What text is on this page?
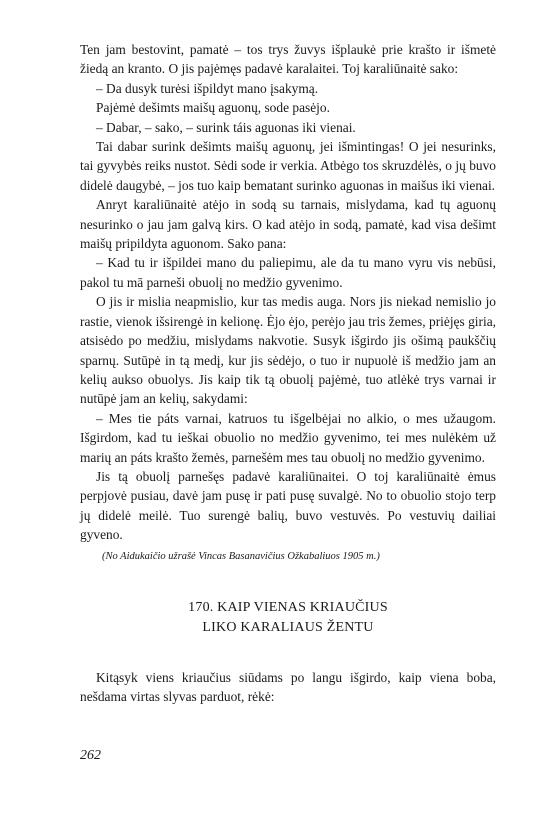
Ten jam bestovint, pamatė – tos trys žuvys išplaukė prie krašto ir išmetė žiedą an kranto. O jis pajėmęs padavė karalaitei. Toj karaliūnaitė sako:

– Da dusyk turėsi išpildyt mano įsakymą.

Pajėmė dešimts maišų aguonų, sode pasėjo.

– Dabar, – sako, – surink táis aguonas iki vienai.

Tai dabar surink dešimts maišų aguonų, jei išmintingas! O jei nesurinks, tai gyvybės reiks nustot. Sėdi sode ir verkia. Atbėgo tos skruzdėlės, o jų buvo didelė daugybė, – jos tuo kaip bematant surinko aguonas in maišus iki vienai.

Anryt karaliūnaitė atėjo in sodą su tarnais, mislydama, kad tų aguonų nesurinko o jau jam galvą kirs. O kad atėjo in sodą, pamatė, kad visa dešimt maišų pripildyta aguonom. Sako pana:

– Kad tu ir išpildei mano du paliepimu, ale da tu mano vyru vis nebūsi, pakol tu mā parneši obuolį no medžio gyvenimo.

O jis ir mislia neapmislio, kur tas medis auga. Nors jis niekad nemislio jo rastie, vienok išsirengė in kelionę. Ėjo ėjo, perėjo jau tris žemes, priėjęs giria, atsisėdo po medžiu, mislydams nakvotie. Susyk išgirdo jis ošimą paukščių sparnų. Sutūpė in tą medį, kur jis sėdėjo, o tuo ir nupuolė iš medžio jam an kelių aukso obuolys. Jis kaip tik tą obuolį pajėmė, tuo atlėkė trys varnai ir nutūpė jam an kelių, sakydami:

– Mes tie páts varnai, katruos tu išgelbėjai no alkio, o mes užaugom. Išgirdom, kad tu ieškai obuolio no medžio gyvenimo, tei mes nulėkėm už marių an páts krašto žemės, parnešėm mes tau obuolį no medžio gyvenimo.

Jis tą obuolį parnešęs padavė karaliūnaitei. O toj karaliūnaitė ėmus perpjovė pusiau, davė jam pusę ir pati pusę suvalgė. No to obuolio stojo terp jų didelė meilė. Tuo surengė balių, buvo vestuvės. Po vestuvių dailiai gyveno.

(No Aidukaičio užrašė Vincas Basanavičius Ožkabaliuos 1905 m.)

170. KAIP VIENAS KRIAUČIUS
LIKO KARALIAUS ŽENTU

Kitąsyk viens kriaučius siūdams po langu išgirdo, kaip viena boba, nešdama virtas slyvas parduot, rėkė:

262
